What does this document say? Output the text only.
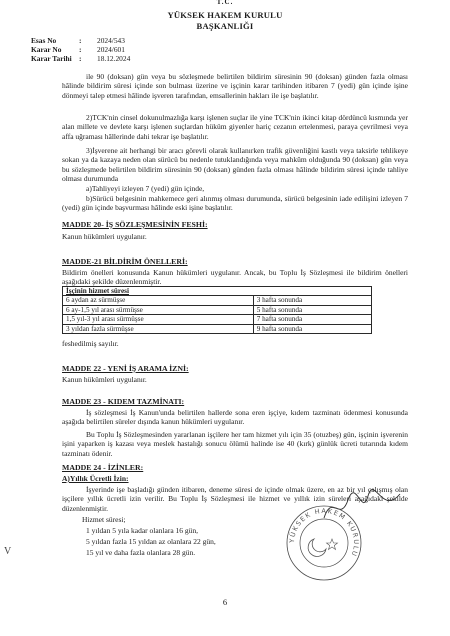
T.C.
YÜKSEK HAKEM KURULU
BAŞKANLIĞI
Esas No	:	2024/543
Karar No	:	2024/601
Karar Tarihi :	18.12.2024

ile 90 (doksan) gün veya bu sözleşmede belirtilen bildirim süresinin 90 (doksan) günden fazla olması hâlinde bildirim süresi içinde son bulması üzerine ve işçinin karar tarihinden itibaren 7 (yedi) gün içinde işine dönmeyi talep etmesi hâlinde işveren tarafından, emsallerinin hakları ile işe başlatılır.

2)TCK'nin cinsel dokunulmazlığa karşı işlenen suçlar ile yine TCK'nin ikinci kitap dördüncü kısmında yer alan millete ve devlete karşı işlenen suçlardan hüküm giyenler hariç cezanın ertelenmesi, paraya çevrilmesi veya affa uğraması hâllerinde dahi tekrar işe başlatılır.

3)İşverene ait herhangi bir aracı görevli olarak kullanırken trafik güvenliğini kastlı veya taksirle tehlikeye sokan ya da kazaya neden olan sürücü bu nedenle tutuklandığında veya mahkûm olduğunda 90 (doksan) gün veya bu sözleşmede belirtilen bildirim süresinin 90 (doksan) günden fazla olması hâlinde bildirim süresi içinde tahliye olması durumunda

a)Tahliyeyi izleyen 7 (yedi) gün içinde,

b)Sürücü belgesinin mahkemece geri alınmış olması durumunda, sürücü belgesinin iade edilişini izleyen 7 (yedi) gün içinde başvurması hâlinde eski işine başlatılır.

MADDE 20- İŞ SÖZLEŞMESİNİN FESHİ:

Kanun hükümleri uygulanır.

MADDE-21 BİLDİRİM ÖNELLERİ:

Bildirim önelleri konusunda Kanun hükümleri uygulanır. Ancak, bu Toplu İş Sözleşmesi ile bildirim önelleri aşağıdaki şekilde düzenlenmiştir.

İşçinin hizmet süresi	
6 aydan az sürmüşse	3 hafta sonunda
6 ay-1,5 yıl arası sürmüşse	5 hafta sonunda
1,5 yıl-3 yıl arası sürmüşse	7 hafta sonunda
3 yıldan fazla sürmüşse	9 hafta sonunda

feshedilmiş sayılır.

MADDE 22 - YENİ İŞ ARAMA İZNİ:

Kanun hükümleri uygulanır.

MADDE 23 - KIDEM TAZMİNATI:

İş sözleşmesi İş Kanun'unda belirtilen hallerde sona eren işçiye, kıdem tazminatı ödenmesi konusunda aşağıda belirtilen süreler dışında kanun hükümleri uygulanır.

Bu Toplu İş Sözleşmesinden yararlanan işçilere her tam hizmet yılı için 35 (otuzbeş) gün, işçinin işverenin işini yaparken iş kazası veya meslek hastalığı sonucu ölümü halinde ise 40 (kırk) günlük ücreti tutarında kıdem tazminatı ödenir.

MADDE 24 - İZİNLER:
A)Yıllık Ücretli İzin:

İşyerinde işe başladığı günden itibaren, deneme süresi de içinde olmak üzere, en az bir yıl çalışmış olan işçilere yıllık ücretli izin verilir. Bu Toplu İş Sözleşmesi ile hizmet ve yıllık izin süreleri aşağıdaki şekilde düzenlenmiştir.

Hizmet süresi;
1 yıldan 5 yıla kadar olanlara 16 gün,
5 yıldan fazla 15 yıldan az olanlara 22 gün,
15 yıl ve daha fazla olanlara 28 gün.
YÜKSEK HAKEM KURULU
V
6
